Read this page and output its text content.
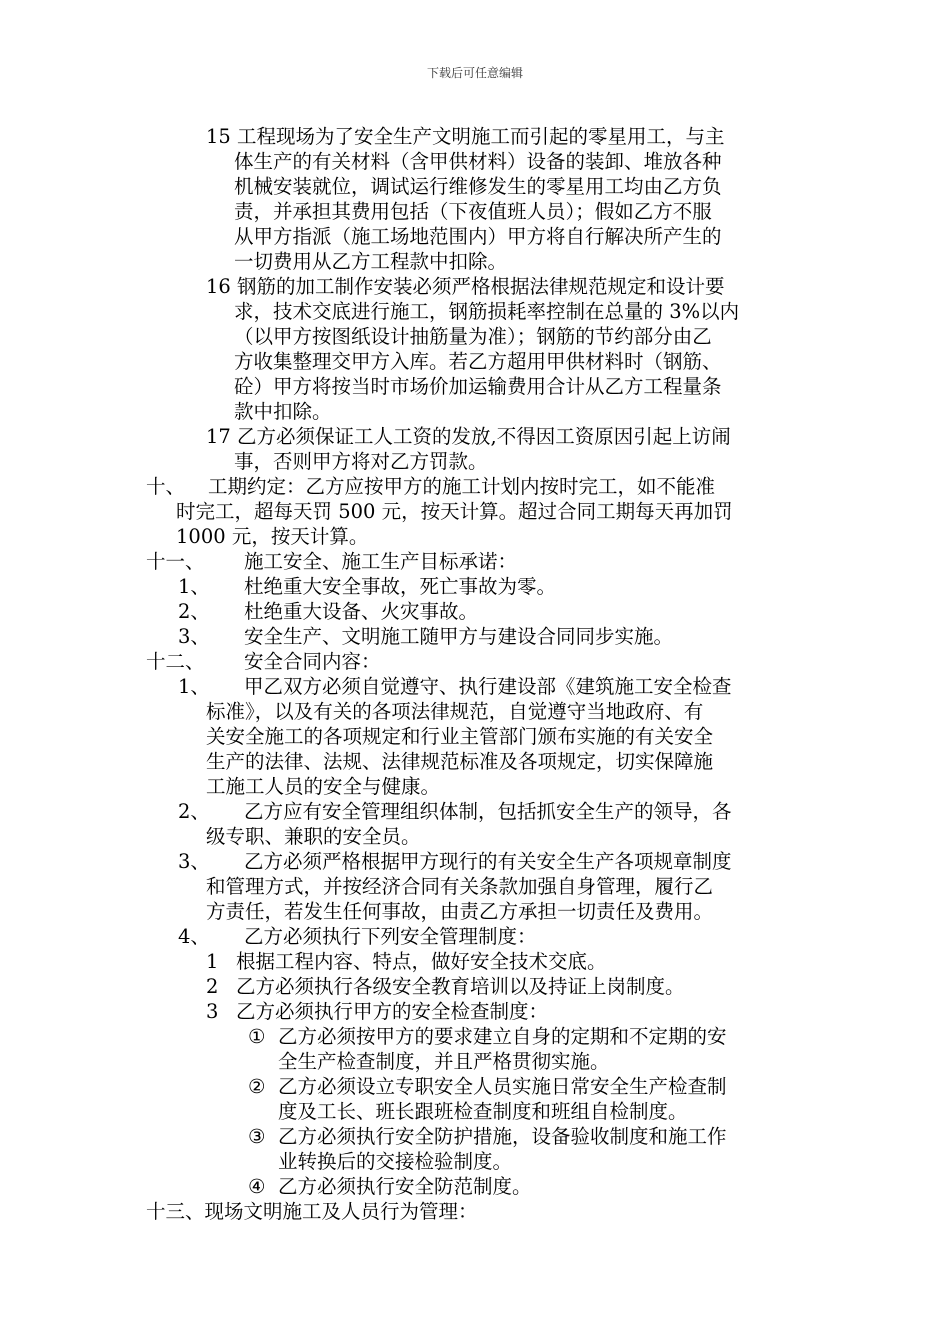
下载后可任意编辑
15 工程现场为了安全生产文明施工而引起的零星用工，与主
体生产的有关材料（含甲供材料）设备的装卸、堆放各种
机械安装就位，调试运行维修发生的零星用工均由乙方负
责，并承担其费用包括（下夜值班人员）；假如乙方不服
从甲方指派（施工场地范围内）甲方将自行解决所产生的
一切费用从乙方工程款中扣除。
16 钢筋的加工制作安装必须严格根据法律规范规定和设计要
求，技术交底进行施工，钢筋损耗率控制在总量的 3%以内
（以甲方按图纸设计抽筋量为准）；钢筋的节约部分由乙
方收集整理交甲方入库。若乙方超用甲供材料时（钢筋、
砼）甲方将按当时市场价加运输费用合计从乙方工程量条
款中扣除。
17 乙方必须保证工人工资的发放,不得因工资原因引起上访闹
事，否则甲方将对乙方罚款。
十、 工期约定：乙方应按甲方的施工计划内按时完工，如不能准
时完工，超每天罚 500 元，按天计算。超过合同工期每天再加罚
1000 元，按天计算。
十一、 施工安全、施工生产目标承诺：
1、 杜绝重大安全事故，死亡事故为零。
2、 杜绝重大设备、火灾事故。
3、 安全生产、文明施工随甲方与建设合同同步实施。
十二、 安全合同内容：
1、 甲乙双方必须自觉遵守、执行建设部《建筑施工安全检查
标准》，以及有关的各项法律规范，自觉遵守当地政府、有
关安全施工的各项规定和行业主管部门颁布实施的有关安全
生产的法律、法规、法律规范标准及各项规定，切实保障施
工施工人员的安全与健康。
2、 乙方应有安全管理组织体制，包括抓安全生产的领导，各
级专职、兼职的安全员。
3、 乙方必须严格根据甲方现行的有关安全生产各项规章制度
和管理方式，并按经济合同有关条款加强自身管理，履行乙
方责任，若发生任何事故，由责乙方承担一切责任及费用。
4、 乙方必须执行下列安全管理制度：
1 根据工程内容、特点，做好安全技术交底。
2 乙方必须执行各级安全教育培训以及持证上岗制度。
3 乙方必须执行甲方的安全检查制度：
① 乙方必须按甲方的要求建立自身的定期和不定期的安
全生产检查制度，并且严格贯彻实施。
② 乙方必须设立专职安全人员实施日常安全生产检查制
度及工长、班长跟班检查制度和班组自检制度。
③ 乙方必须执行安全防护措施，设备验收制度和施工作
业转换后的交接检验制度。
④ 乙方必须执行安全防范制度。
十三、现场文明施工及人员行为管理：
